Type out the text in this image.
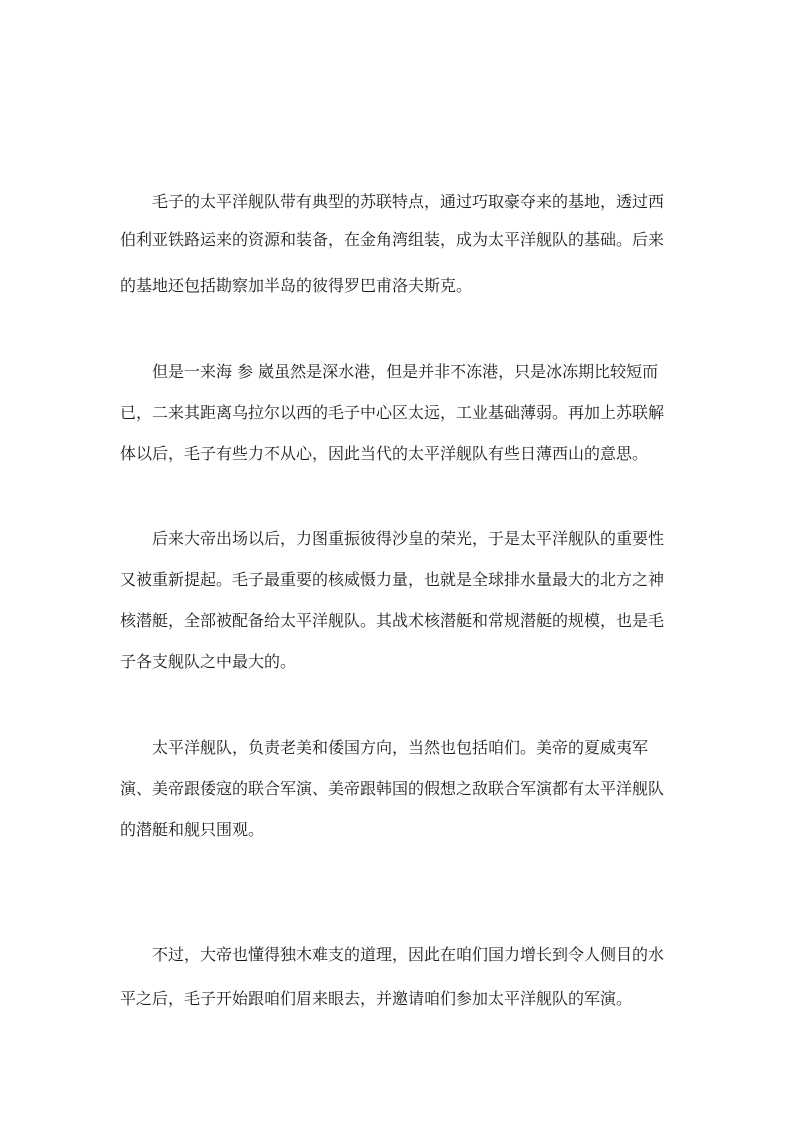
毛子的太平洋舰队带有典型的苏联特点，通过巧取豪夺来的基地，透过西
伯利亚铁路运来的资源和装备，在金角湾组装，成为太平洋舰队的基础。后来
的基地还包括勘察加半岛的彼得罗巴甫洛夫斯克。
但是一来海 参 崴虽然是深水港，但是并非不冻港，只是冰冻期比较短而
已，二来其距离乌拉尔以西的毛子中心区太远，工业基础薄弱。再加上苏联解
体以后，毛子有些力不从心，因此当代的太平洋舰队有些日薄西山的意思。
后来大帝出场以后，力图重振彼得沙皇的荣光，于是太平洋舰队的重要性
又被重新提起。毛子最重要的核威慑力量，也就是全球排水量最大的北方之神
核潜艇，全部被配备给太平洋舰队。其战术核潜艇和常规潜艇的规模，也是毛
子各支舰队之中最大的。
太平洋舰队，负责老美和倭国方向，当然也包括咱们。美帝的夏威夷军
演、美帝跟倭寇的联合军演、美帝跟韩国的假想之敌联合军演都有太平洋舰队
的潜艇和舰只围观。
不过，大帝也懂得独木难支的道理，因此在咱们国力增长到令人侧目的水
平之后，毛子开始跟咱们眉来眼去，并邀请咱们参加太平洋舰队的军演。
